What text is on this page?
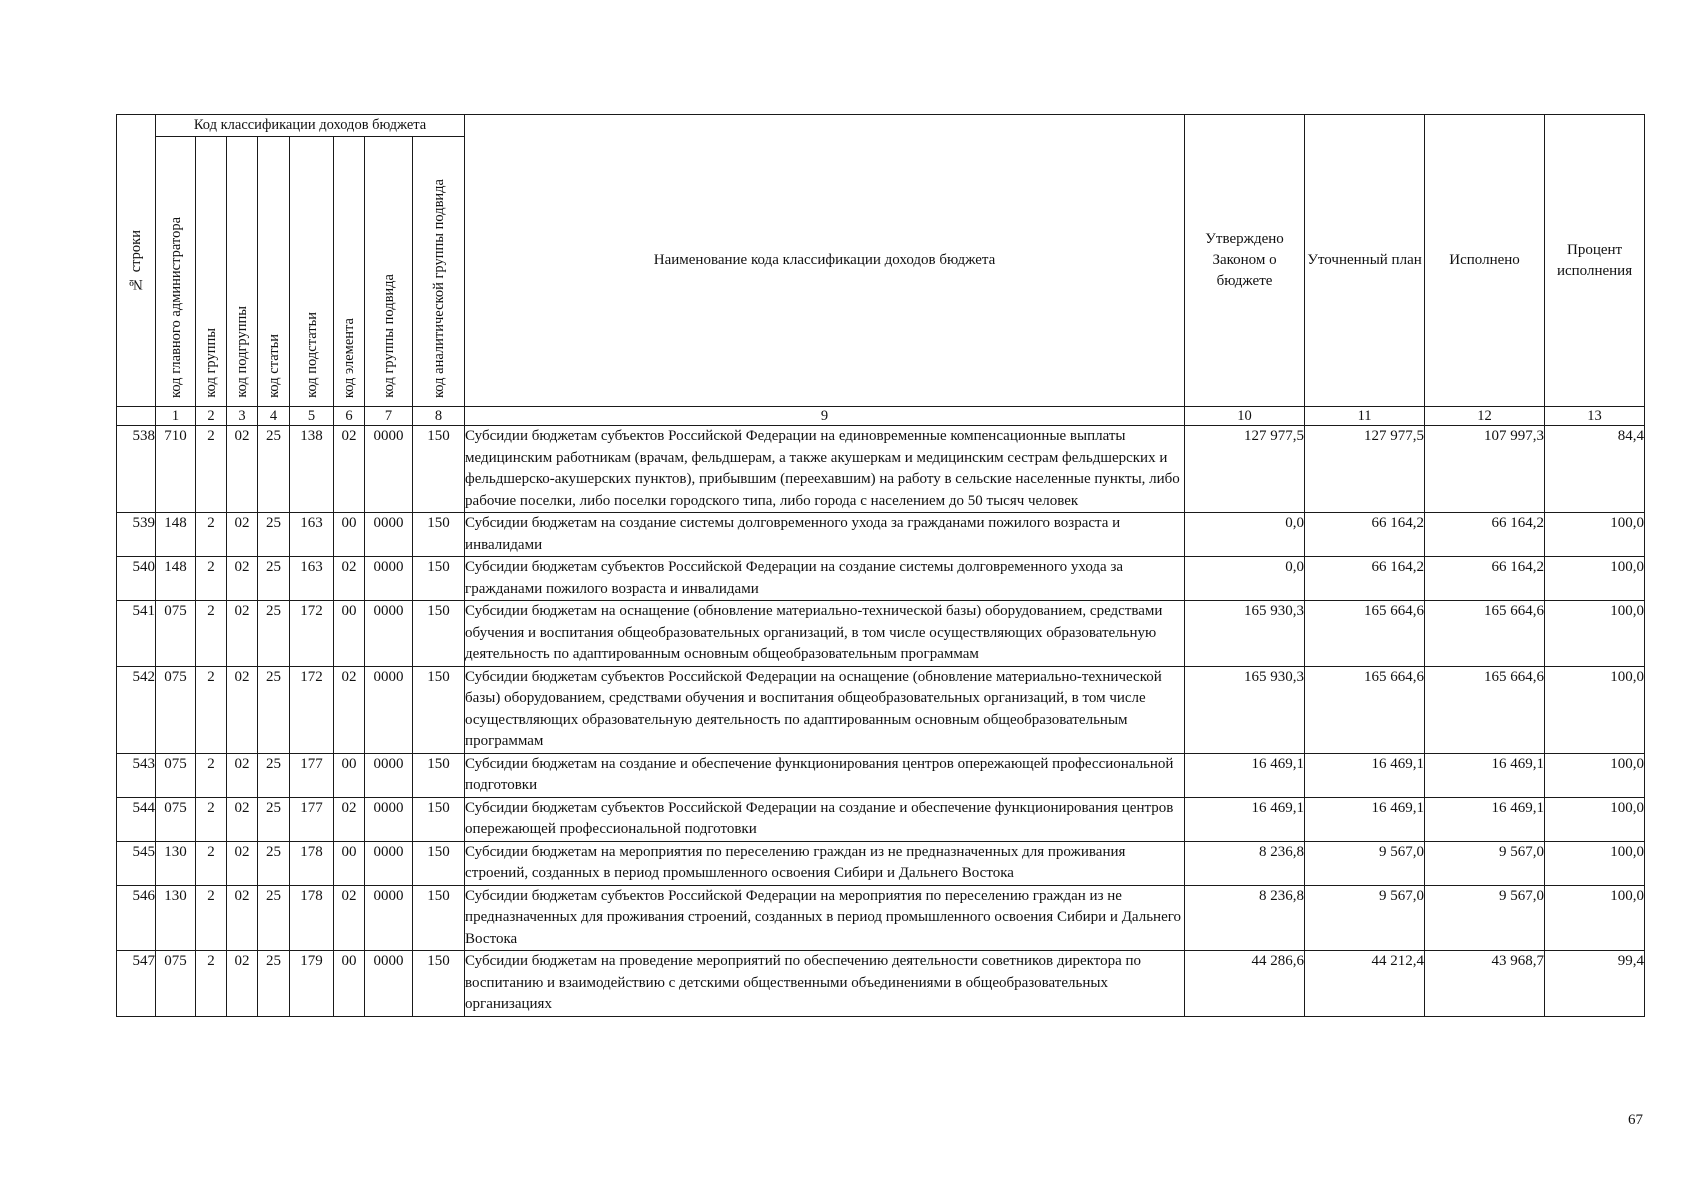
№ строки	Код классификации доходов бюджета								Наименование кода классификации доходов бюджета	Утверждено Законом о бюджете	Уточненный план	Исполнено	Процент исполнения

	код главного администратора	код группы	код подгруппы	код статьи	код подстатьи	код элемента	код группы подвида	код аналитической группы подвида					

	1	2	3	4	5	6	7	8	9	10	11	12	13
538	710	2	02	25	138	02	0000	150	Субсидии бюджетам субъектов Российской Федерации на единовременные компенсационные выплаты медицинским работникам (врачам, фельдшерам, а также акушеркам и медицинским сестрам фельдшерских и фельдшерско-акушерских пунктов), прибывшим (переехавшим) на работу в сельские населенные пункты, либо рабочие поселки, либо поселки городского типа, либо города с населением до 50 тысяч человек	127 977,5	127 977,5	107 997,3	84,4
539	148	2	02	25	163	00	0000	150	Субсидии бюджетам на создание системы долговременного ухода за гражданами пожилого возраста и инвалидами	0,0	66 164,2	66 164,2	100,0
540	148	2	02	25	163	02	0000	150	Субсидии бюджетам субъектов Российской Федерации на создание системы долговременного ухода за гражданами пожилого возраста и инвалидами	0,0	66 164,2	66 164,2	100,0
541	075	2	02	25	172	00	0000	150	Субсидии бюджетам на оснащение (обновление материально-технической базы) оборудованием, средствами обучения и воспитания общеобразовательных организаций, в том числе осуществляющих образовательную деятельность по адаптированным основным общеобразовательным программам	165 930,3	165 664,6	165 664,6	100,0
542	075	2	02	25	172	02	0000	150	Субсидии бюджетам субъектов Российской Федерации на оснащение (обновление материально-технической базы) оборудованием, средствами обучения и воспитания общеобразовательных организаций, в том числе осуществляющих образовательную деятельность по адаптированным основным общеобразовательным программам	165 930,3	165 664,6	165 664,6	100,0
543	075	2	02	25	177	00	0000	150	Субсидии бюджетам на создание и обеспечение функционирования центров опережающей профессиональной подготовки	16 469,1	16 469,1	16 469,1	100,0
544	075	2	02	25	177	02	0000	150	Субсидии бюджетам субъектов Российской Федерации на создание и обеспечение функционирования центров опережающей профессиональной подготовки	16 469,1	16 469,1	16 469,1	100,0
545	130	2	02	25	178	00	0000	150	Субсидии бюджетам на мероприятия по переселению граждан из не предназначенных для проживания строений, созданных в период промышленного освоения Сибири и Дальнего Востока	8 236,8	9 567,0	9 567,0	100,0
546	130	2	02	25	178	02	0000	150	Субсидии бюджетам субъектов Российской Федерации на мероприятия по переселению граждан из не предназначенных для проживания строений, созданных в период промышленного освоения Сибири и Дальнего Востока	8 236,8	9 567,0	9 567,0	100,0
547	075	2	02	25	179	00	0000	150	Субсидии бюджетам на проведение мероприятий по обеспечению деятельности советников директора по воспитанию и взаимодействию с детскими общественными объединениями в общеобразовательных организациях	44 286,6	44 212,4	43 968,7	99,4
67
